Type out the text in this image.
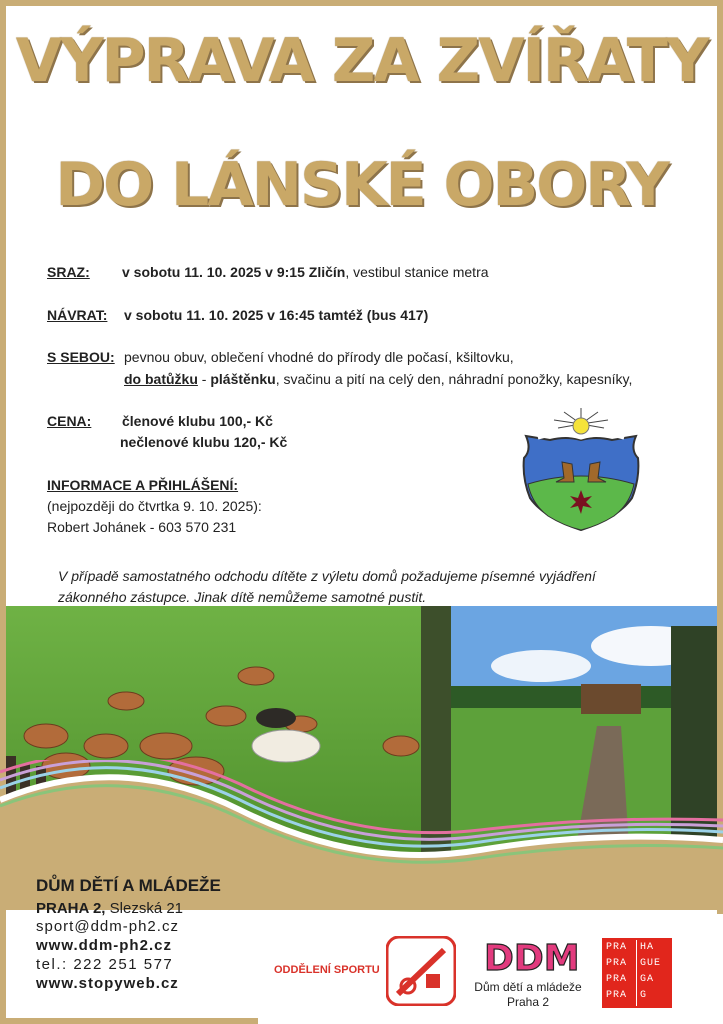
VÝPRAVA ZA ZVÍŘATY
DO LÁNSKÉ OBORY
SRAZ: v sobotu 11. 10. 2025 v 9:15 Zličín, vestibul stanice metra
NÁVRAT: v sobotu 11. 10. 2025 v 16:45 tamtéž (bus 417)
S SEBOU: pevnou obuv, oblečení vhodné do přírody dle počasí, kšiltovku,
do batůžku - pláštěnku, svačinu a pití na celý den, náhradní ponožky, kapesníky,
CENA: členové klubu 100,- Kč
nečlenové klubu 120,- Kč
INFORMACE A PŘIHLÁŠENÍ:
(nejpozději do čtvrtka 9. 10. 2025):
Robert Johánek - 603 570 231
V případě samostatného odchodu dítěte z výletu domů požadujeme písemné vyjádření
zákonného zástupce. Jinak dítě nemůžeme samotné pustit.
DŮM DĚTÍ A MLÁDEŽE
PRAHA 2, Slezská 21
sport@ddm-ph2.cz
www.ddm-ph2.cz
tel.: 222 251 577
www.stopyweb.cz
ODDĚLENÍ SPORTU	DDM
Dům dětí a mládeže
Praha 2
PRA HA
PRA GUE
PRA GA
PRA G
